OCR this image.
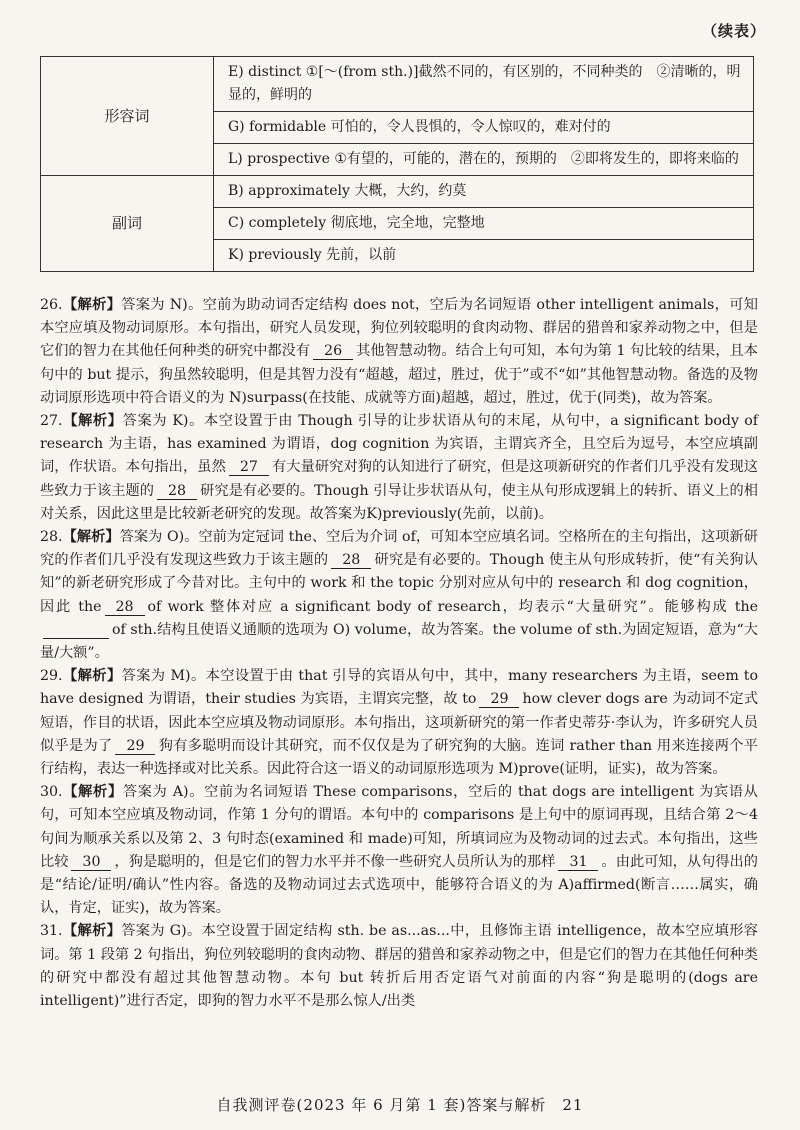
（续表）
形容词	E) distinct ①[～(from sth.)]截然不同的，有区别的，不同种类的　②清晰的，明显的，鲜明的
	G) formidable 可怕的，令人畏惧的，令人惊叹的，难对付的
	L) prospective ①有望的，可能的，潜在的，预期的　②即将发生的，即将来临的
副词	B) approximately 大概，大约，约莫
	C) completely 彻底地，完全地，完整地
	K) previously 先前，以前
26.【解析】答案为 N)。空前为助动词否定结构 does not，空后为名词短语 other intelligent animals，可知本空应填及物动词原形。本句指出，研究人员发现，狗位列较聪明的食肉动物、群居的猎兽和家养动物之中，但是它们的智力在其他任何种类的研究中都没有 26 其他智慧动物。结合上句可知，本句为第 1 句比较的结果，且本句中的 but 提示，狗虽然较聪明，但是其智力没有“超越，超过，胜过，优于”或不“如”其他智慧动物。备选的及物动词原形选项中符合语义的为 N)surpass(在技能、成就等方面)超越，超过，胜过，优于(同类)，故为答案。
27.【解析】答案为 K)。本空设置于由 Though 引导的让步状语从句的末尾，从句中，a significant body of research 为主语，has examined 为谓语，dog cognition 为宾语，主谓宾齐全，且空后为逗号，本空应填副词，作状语。本句指出，虽然 27 有大量研究对狗的认知进行了研究，但是这项新研究的作者们几乎没有发现这些致力于该主题的 28 研究是有必要的。Though 引导让步状语从句，使主从句形成逻辑上的转折、语义上的相对关系，因此这里是比较新老研究的发现。故答案为K)previously(先前，以前)。
28.【解析】答案为 O)。空前为定冠词 the、空后为介词 of，可知本空应填名词。空格所在的主句指出，这项新研究的作者们几乎没有发现这些致力于该主题的 28 研究是有必要的。Though 使主从句形成转折，使“有关狗认知”的新老研究形成了今昔对比。主句中的 work 和 the topic 分别对应从句中的 research 和 dog cognition，因此 the 28 of work 整体对应 a significant body of research，均表示“大量研究”。能够构成 the of sth.结构且使语义通顺的选项为 O) volume，故为答案。the volume of sth.为固定短语，意为“大量/大额”。
29.【解析】答案为 M)。本空设置于由 that 引导的宾语从句中，其中，many researchers 为主语，seem to have designed 为谓语，their studies 为宾语，主谓宾完整，故 to 29 how clever dogs are 为动词不定式短语，作目的状语，因此本空应填及物动词原形。本句指出，这项新研究的第一作者史蒂芬·李认为，许多研究人员似乎是为了 29 狗有多聪明而设计其研究，而不仅仅是为了研究狗的大脑。连词 rather than 用来连接两个平行结构，表达一种选择或对比关系。因此符合这一语义的动词原形选项为 M)prove(证明，证实)，故为答案。
30.【解析】答案为 A)。空前为名词短语 These comparisons，空后的 that dogs are intelligent 为宾语从句，可知本空应填及物动词，作第 1 分句的谓语。本句中的 comparisons 是上句中的原词再现，且结合第 2～4 句间为顺承关系以及第 2、3 句时态(examined 和 made)可知，所填词应为及物动词的过去式。本句指出，这些比较 30 ，狗是聪明的，但是它们的智力水平并不像一些研究人员所认为的那样 31 。由此可知，从句得出的是“结论/证明/确认”性内容。备选的及物动词过去式选项中，能够符合语义的为 A)affirmed(断言……属实，确认，肯定，证实)，故为答案。
31.【解析】答案为 G)。本空设置于固定结构 sth. be as...as...中，且修饰主语 intelligence，故本空应填形容词。第 1 段第 2 句指出，狗位列较聪明的食肉动物、群居的猎兽和家养动物之中，但是它们的智力在其他任何种类的研究中都没有超过其他智慧动物。本句 but 转折后用否定语气对前面的内容“狗是聪明的(dogs are intelligent)”进行否定，即狗的智力水平不是那么惊人/出类
自我测评卷(2023 年 6 月第 1 套)答案与解析　21
